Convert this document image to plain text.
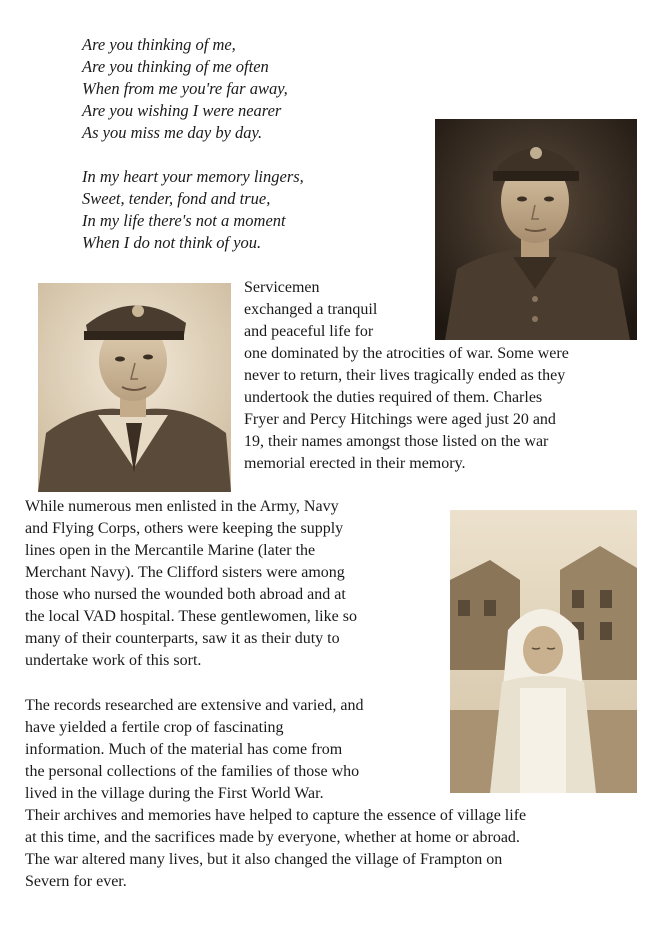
Are you thinking of me,
Are you thinking of me often
When from me you're far away,
Are you wishing I were nearer
As you miss me day by day.
In my heart your memory lingers,
Sweet, tender, fond and true,
In my life there's not a moment
When I do not think of you.
Servicemen
exchanged a tranquil
and peaceful life for
one dominated by the atrocities of war. Some were
never to return, their lives tragically ended as they
undertook the duties required of them. Charles
Fryer and Percy Hitchings were aged just 20 and
19, their names amongst those listed on the war
memorial erected in their memory.
While numerous men enlisted in the Army, Navy
and Flying Corps, others were keeping the supply
lines open in the Mercantile Marine (later the
Merchant Navy). The Clifford sisters were among
those who nursed the wounded both abroad and at
the local VAD hospital. These gentlewomen, like so
many of their counterparts, saw it as their duty to
undertake work of this sort.
The records researched are extensive and varied, and
have yielded a fertile crop of fascinating
information. Much of the material has come from
the personal collections of the families of those who
lived in the village during the First World War.
Their archives and memories have helped to capture the essence of village life
at this time, and the sacrifices made by everyone, whether at home or abroad.
The war altered many lives, but it also changed the village of Frampton on
Severn for ever.
